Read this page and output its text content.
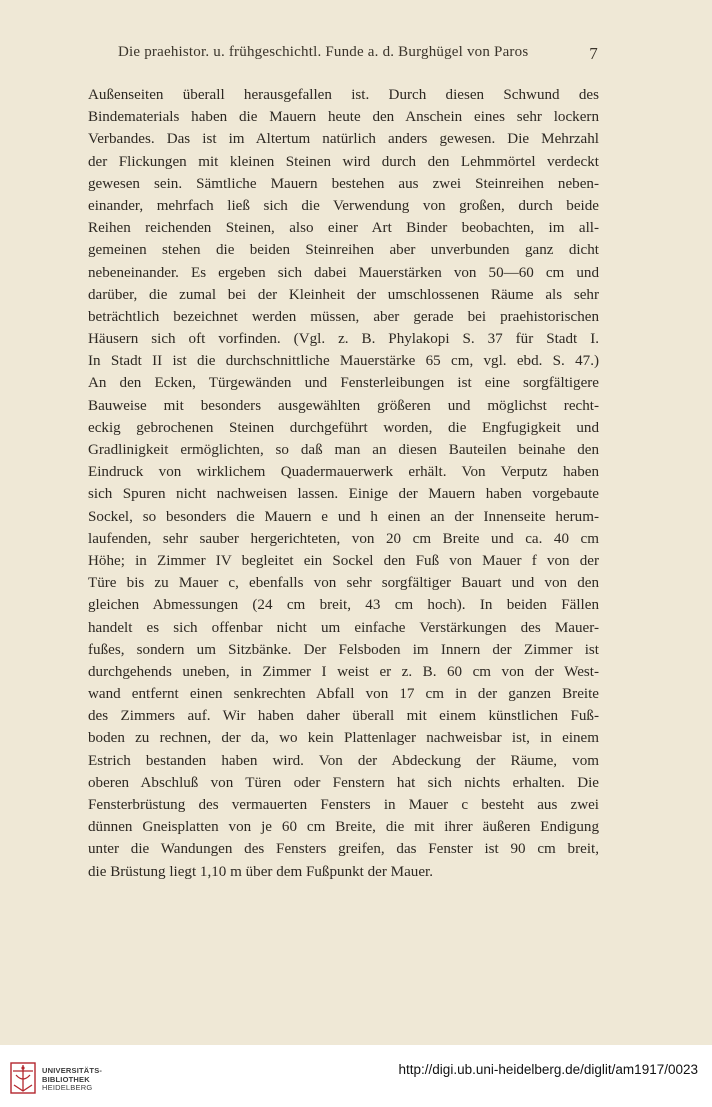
Die praehistor. u. frühgeschichtl. Funde a. d. Burghügel von Paros	7
Außenseiten überall herausgefallen ist. Durch diesen Schwund des
Bindematerials haben die Mauern heute den Anschein eines sehr lockern
Verbandes. Das ist im Altertum natürlich anders gewesen. Die Mehrzahl
der Flickungen mit kleinen Steinen wird durch den Lehmmörtel verdeckt
gewesen sein. Sämtliche Mauern bestehen aus zwei Steinreihen neben-
einander, mehrfach ließ sich die Verwendung von großen, durch beide
Reihen reichenden Steinen, also einer Art Binder beobachten, im all-
gemeinen stehen die beiden Steinreihen aber unverbunden ganz dicht
nebeneinander. Es ergeben sich dabei Mauerstärken von 50—60 cm und
darüber, die zumal bei der Kleinheit der umschlossenen Räume als sehr
beträchtlich bezeichnet werden müssen, aber gerade bei praehistorischen
Häusern sich oft vorfinden. (Vgl. z. B. Phylakopi S. 37 für Stadt I.
In Stadt II ist die durchschnittliche Mauerstärke 65 cm, vgl. ebd. S. 47.)
An den Ecken, Türgewänden und Fensterleibungen ist eine sorgfältigere
Bauweise mit besonders ausgewählten größeren und möglichst recht-
eckig gebrochenen Steinen durchgeführt worden, die Engfugigkeit und
Gradlinigkeit ermöglichten, so daß man an diesen Bauteilen beinahe den
Eindruck von wirklichem Quadermauerwerk erhält. Von Verputz haben
sich Spuren nicht nachweisen lassen. Einige der Mauern haben vorgebaute
Sockel, so besonders die Mauern e und h einen an der Innenseite herum-
laufenden, sehr sauber hergerichteten, von 20 cm Breite und ca. 40 cm
Höhe; in Zimmer IV begleitet ein Sockel den Fuß von Mauer f von der
Türe bis zu Mauer c, ebenfalls von sehr sorgfältiger Bauart und von den
gleichen Abmessungen (24 cm breit, 43 cm hoch). In beiden Fällen
handelt es sich offenbar nicht um einfache Verstärkungen des Mauer-
fußes, sondern um Sitzbänke. Der Felsboden im Innern der Zimmer ist
durchgehends uneben, in Zimmer I weist er z. B. 60 cm von der West-
wand entfernt einen senkrechten Abfall von 17 cm in der ganzen Breite
des Zimmers auf. Wir haben daher überall mit einem künstlichen Fuß-
boden zu rechnen, der da, wo kein Plattenlager nachweisbar ist, in einem
Estrich bestanden haben wird. Von der Abdeckung der Räume, vom
oberen Abschluß von Türen oder Fenstern hat sich nichts erhalten. Die
Fensterbrüstung des vermauerten Fensters in Mauer c besteht aus zwei
dünnen Gneisplatten von je 60 cm Breite, die mit ihrer äußeren Endigung
unter die Wandungen des Fensters greifen, das Fenster ist 90 cm breit,
die Brüstung liegt 1,10 m über dem Fußpunkt der Mauer.
UNIVERSITÄTS-
BIBLIOTHEK
HEIDELBERG
http://digi.ub.uni-heidelberg.de/diglit/am1917/0023
